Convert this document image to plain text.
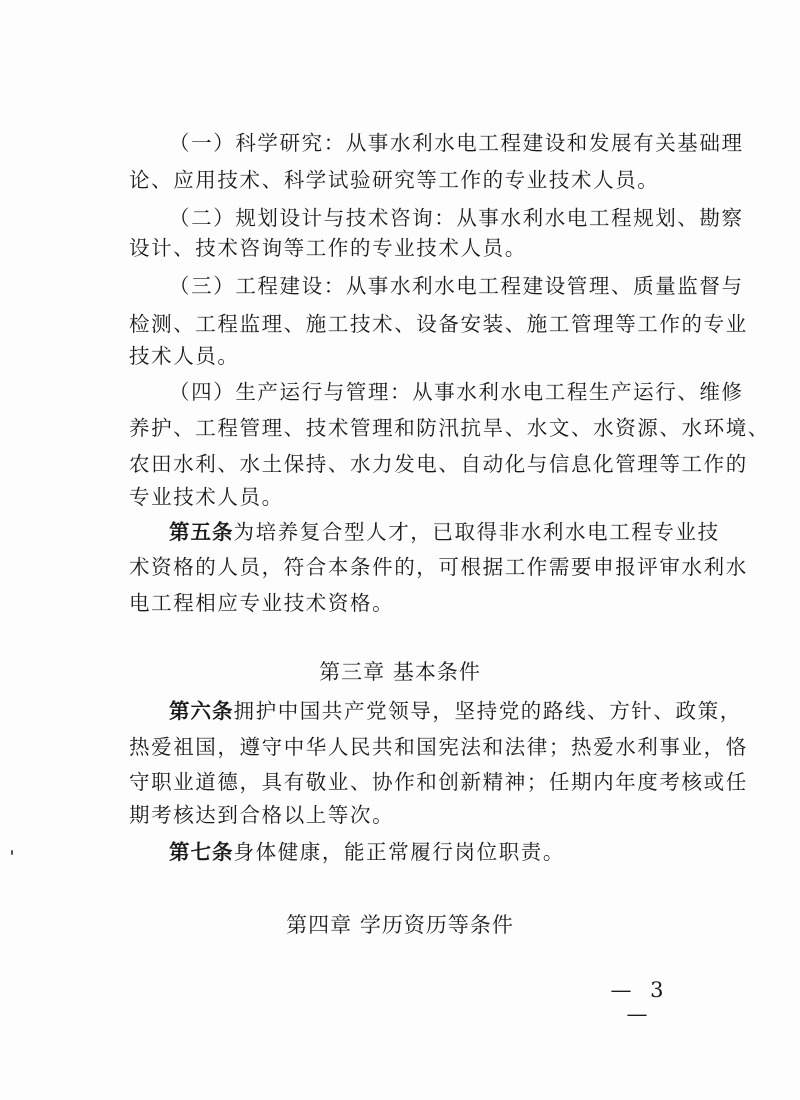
（一）科学研究：从事水利水电工程建设和发展有关基础理
论、应用技术、科学试验研究等工作的专业技术人员。
（二）规划设计与技术咨询：从事水利水电工程规划、勘察
设计、技术咨询等工作的专业技术人员。
（三）工程建设：从事水利水电工程建设管理、质量监督与
检测、工程监理、施工技术、设备安装、施工管理等工作的专业
技术人员。
（四）生产运行与管理：从事水利水电工程生产运行、维修
养护、工程管理、技术管理和防汛抗旱、水文、水资源、水环境、
农田水利、水土保持、水力发电、自动化与信息化管理等工作的
专业技术人员。
第五条为培养复合型人才，已取得非水利水电工程专业技
术资格的人员，符合本条件的，可根据工作需要申报评审水利水
电工程相应专业技术资格。
第三章 基本条件
第六条拥护中国共产党领导，坚持党的路线、方针、政策，
热爱祖国，遵守中华人民共和国宪法和法律；热爱水利事业，恪
守职业道德，具有敬业、协作和创新精神；任期内年度考核或任
期考核达到合格以上等次。
第七条身体健康，能正常履行岗位职责。
第四章 学历资历等条件
— 3 —
